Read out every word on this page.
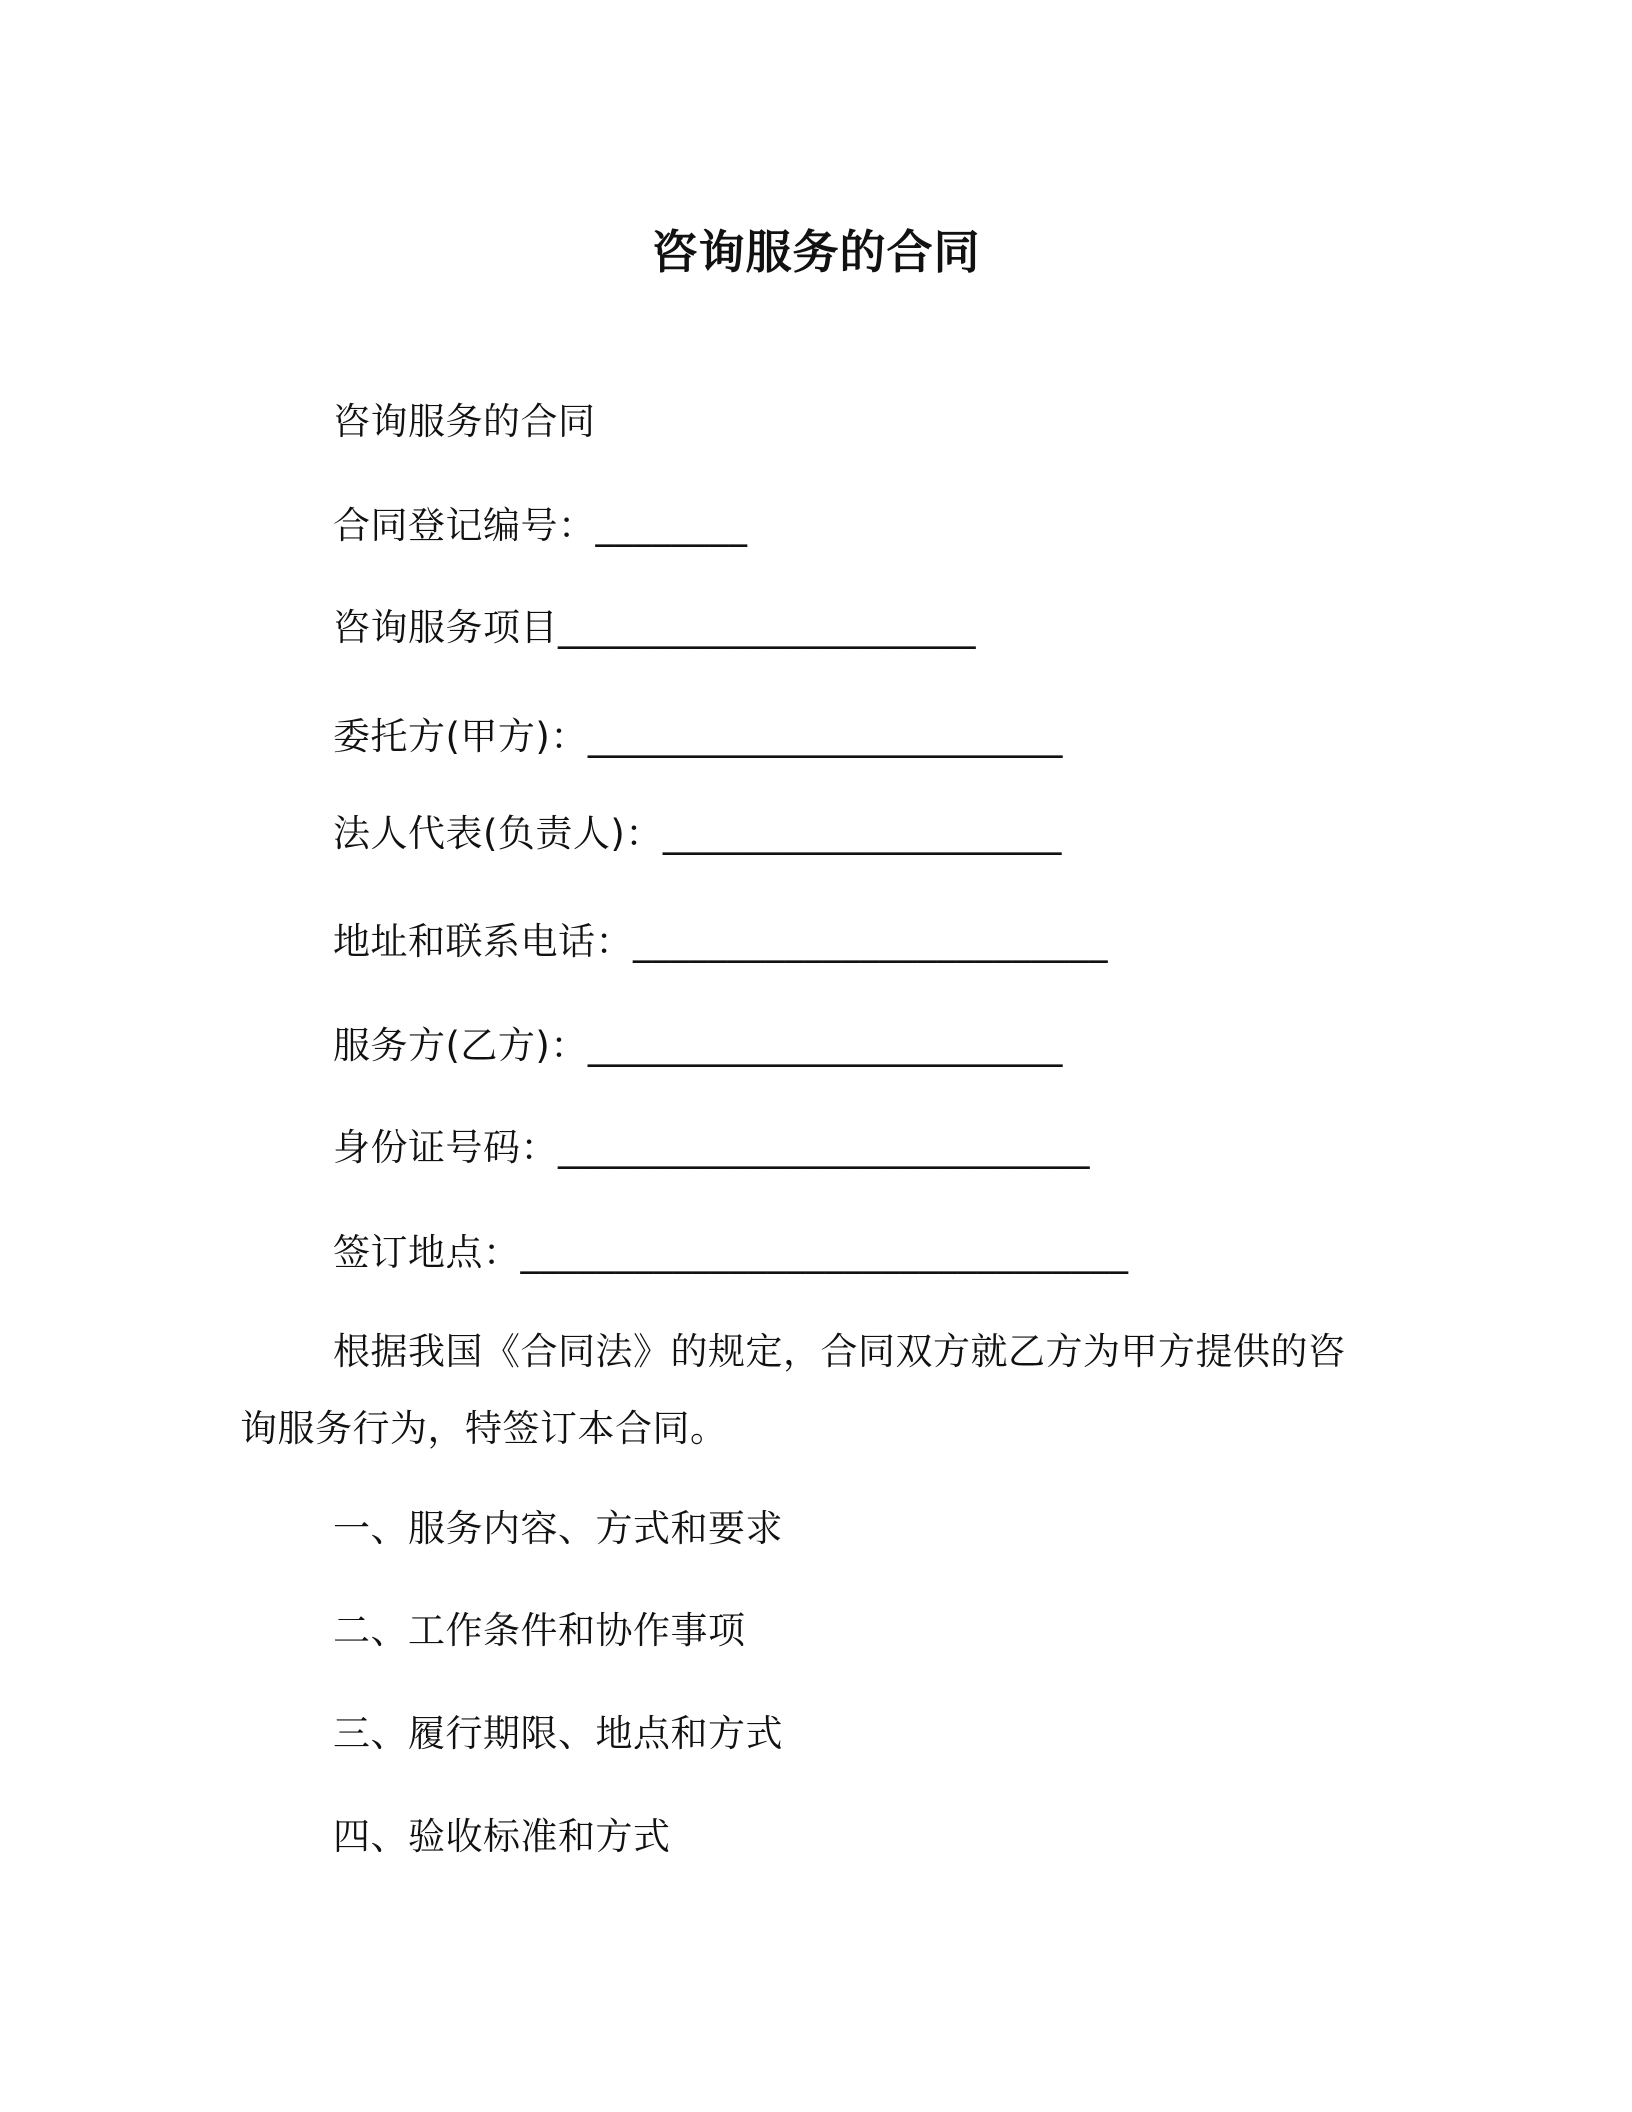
咨询服务的合同
咨询服务的合同
合同登记编号：________
咨询服务项目______________________
委托方(甲方)：_________________________
法人代表(负责人)：_____________________
地址和联系电话：_________________________
服务方(乙方)：_________________________
身份证号码：____________________________
签订地点：________________________________
根据我国《合同法》的规定，合同双方就乙方为甲方提供的咨询服务行为，特签订本合同。
一、服务内容、方式和要求
二、工作条件和协作事项
三、履行期限、地点和方式
四、验收标准和方式
